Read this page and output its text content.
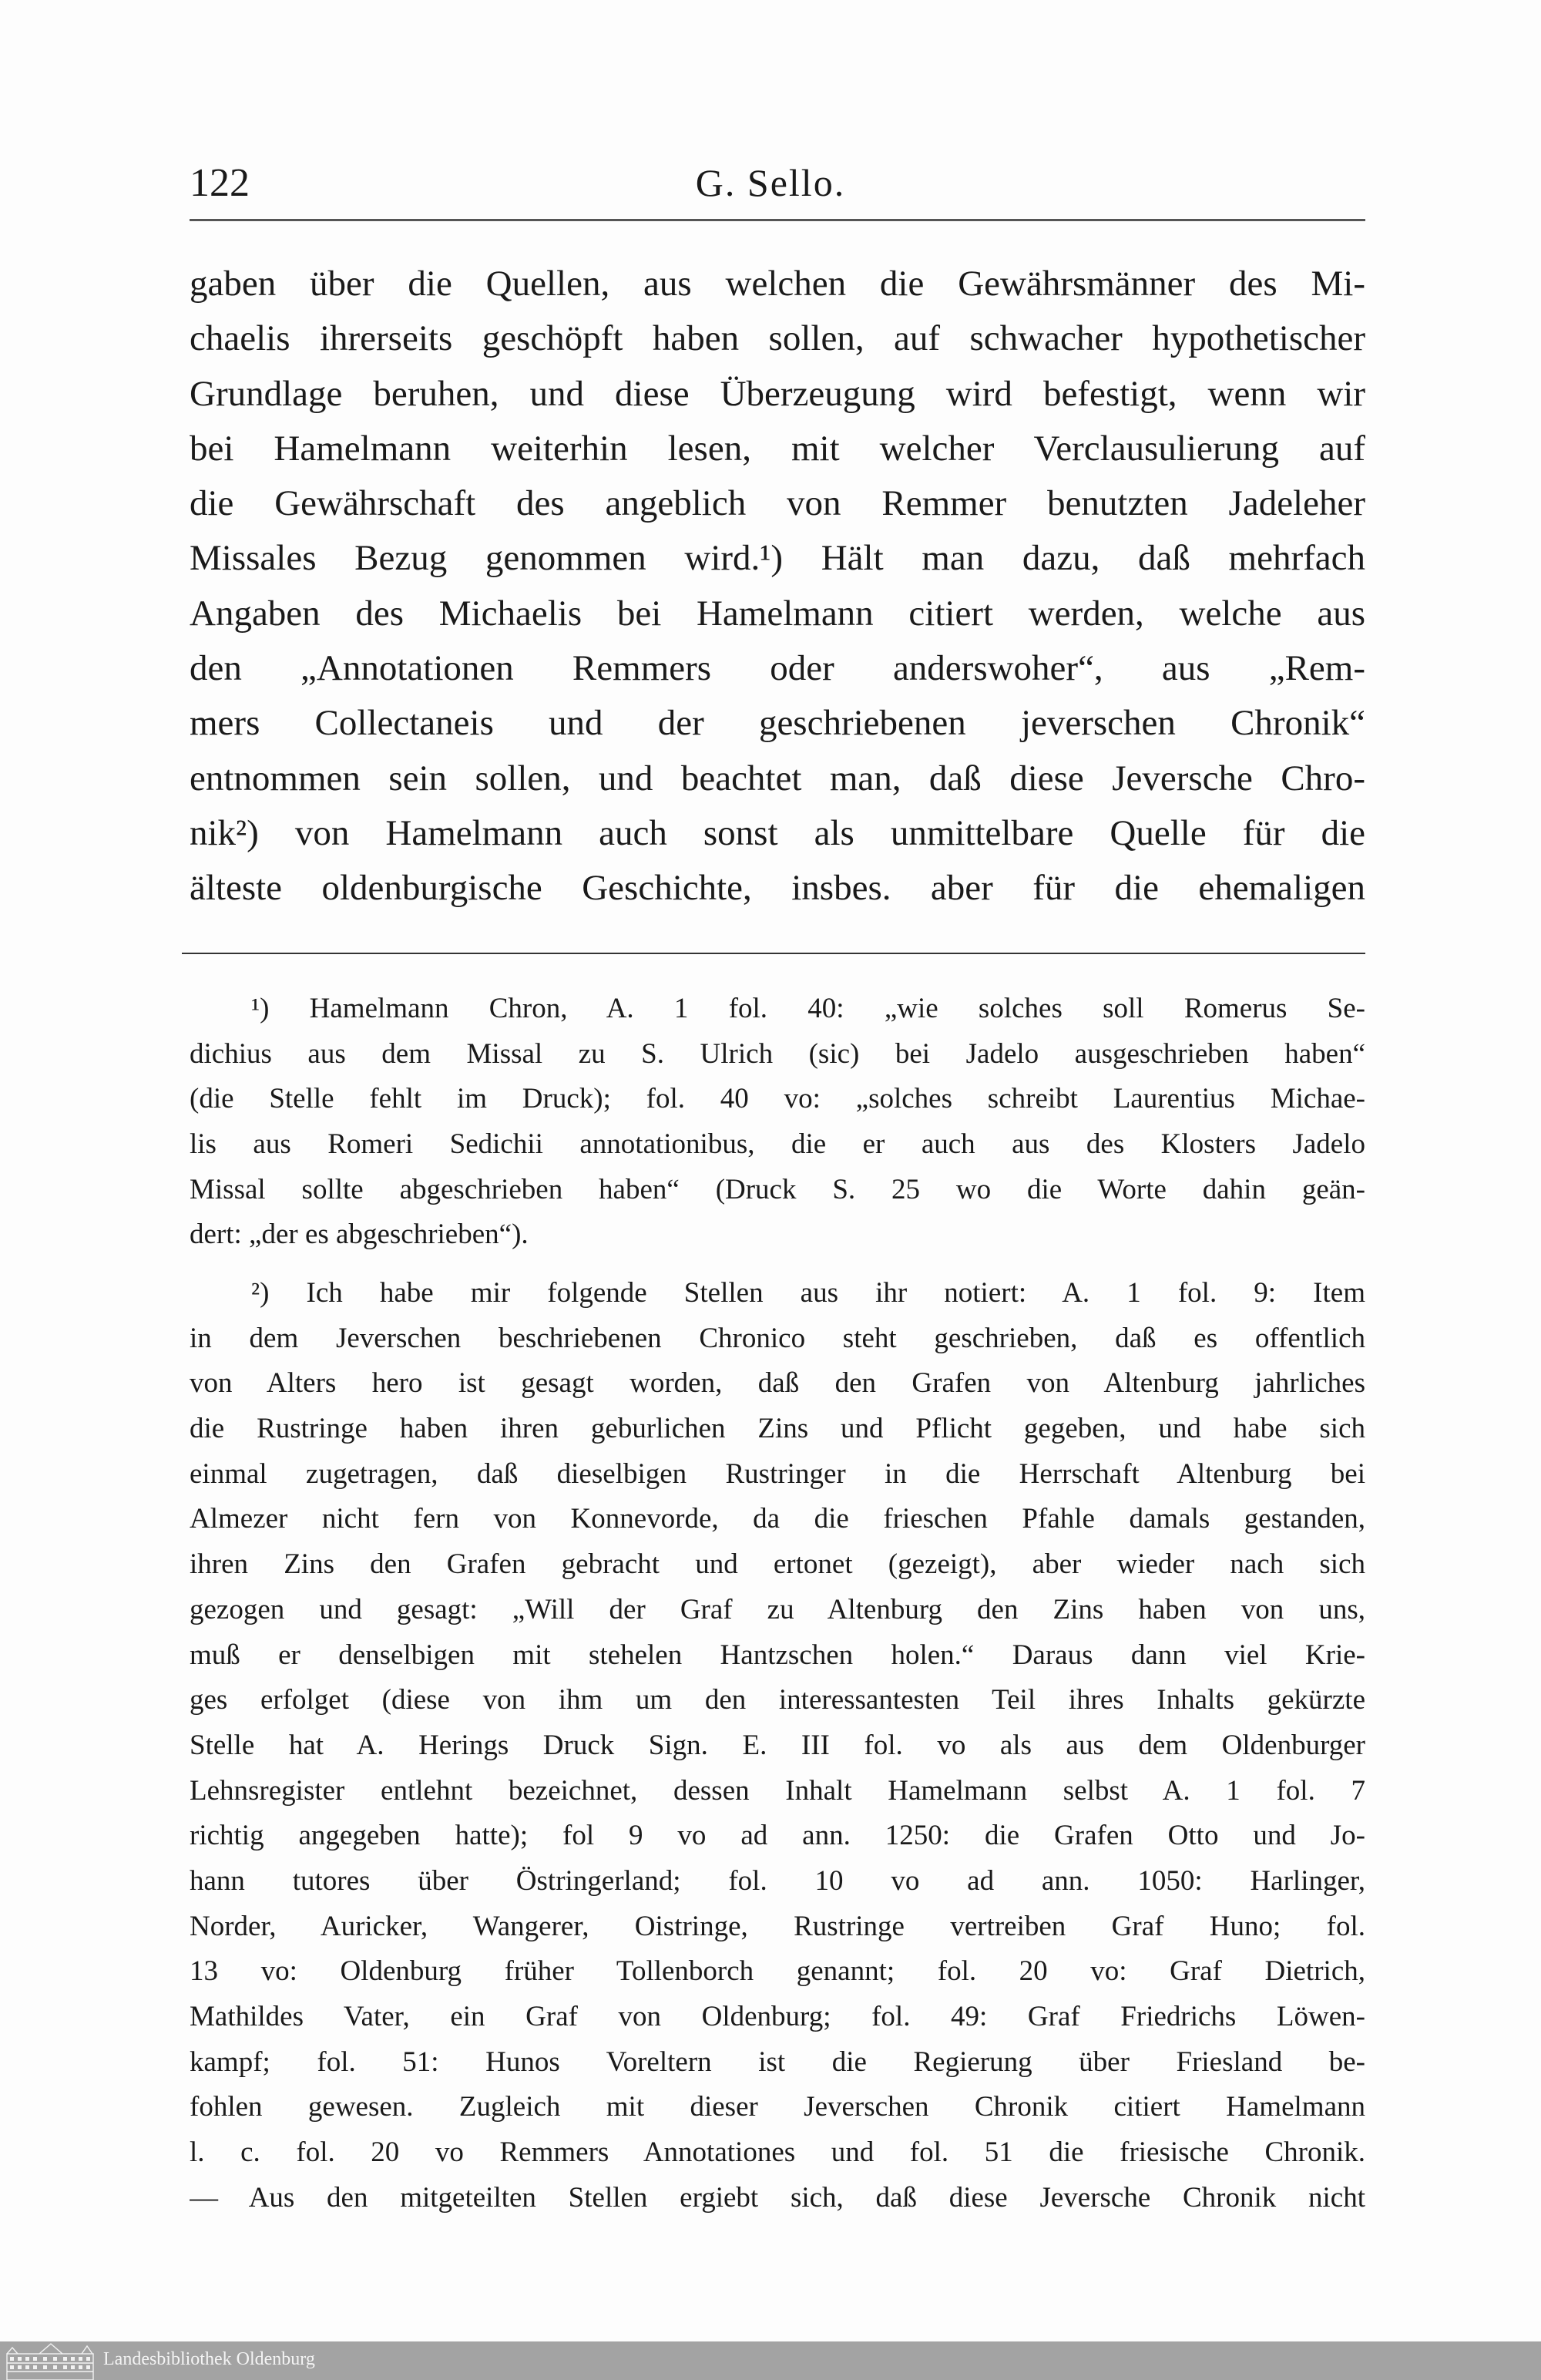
122	G. Sello.
gaben über die Quellen, aus welchen die Gewährsmänner des Mi-
chaelis ihrerseits geschöpft haben sollen, auf schwacher hypothetischer
Grundlage beruhen, und diese Überzeugung wird befestigt, wenn wir
bei Hamelmann weiterhin lesen, mit welcher Verclausulierung auf
die Gewährschaft des angeblich von Remmer benutzten Jadeleher
Missales Bezug genommen wird.¹) Hält man dazu, daß mehrfach
Angaben des Michaelis bei Hamelmann citiert werden, welche aus
den „Annotationen Remmers oder anderswoher“, aus „Rem-
mers Collectaneis und der geschriebenen jeverschen Chronik“
entnommen sein sollen, und beachtet man, daß diese Jeversche Chro-
nik²) von Hamelmann auch sonst als unmittelbare Quelle für die
älteste oldenburgische Geschichte, insbes. aber für die ehemaligen
¹) Hamelmann Chron, A. 1 fol. 40: „wie solches soll Romerus Se-
dichius aus dem Missal zu S. Ulrich (sic) bei Jadelo ausgeschrieben haben“
(die Stelle fehlt im Druck); fol. 40 vo: „solches schreibt Laurentius Michae-
lis aus Romeri Sedichii annotationibus, die er auch aus des Klosters Jadelo
Missal sollte abgeschrieben haben“ (Druck S. 25 wo die Worte dahin geän-
dert: „der es abgeschrieben“).
²) Ich habe mir folgende Stellen aus ihr notiert: A. 1 fol. 9: Item
in dem Jeverschen beschriebenen Chronico steht geschrieben, daß es offentlich
von Alters hero ist gesagt worden, daß den Grafen von Altenburg jahrliches
die Rustringe haben ihren geburlichen Zins und Pflicht gegeben, und habe sich
einmal zugetragen, daß dieselbigen Rustringer in die Herrschaft Altenburg bei
Almezer nicht fern von Konnevorde, da die frieschen Pfahle damals gestanden,
ihren Zins den Grafen gebracht und ertonet (gezeigt), aber wieder nach sich
gezogen und gesagt: „Will der Graf zu Altenburg den Zins haben von uns,
muß er denselbigen mit stehelen Hantzschen holen.“ Daraus dann viel Krie-
ges erfolget (diese von ihm um den interessantesten Teil ihres Inhalts gekürzte
Stelle hat A. Herings Druck Sign. E. III fol. vo als aus dem Oldenburger
Lehnsregister entlehnt bezeichnet, dessen Inhalt Hamelmann selbst A. 1 fol. 7
richtig angegeben hatte); fol 9 vo ad ann. 1250: die Grafen Otto und Jo-
hann tutores über Östringerland; fol. 10 vo ad ann. 1050: Harlinger,
Norder, Auricker, Wangerer, Oistringe, Rustringe vertreiben Graf Huno; fol.
13 vo: Oldenburg früher Tollenborch genannt; fol. 20 vo: Graf Dietrich,
Mathildes Vater, ein Graf von Oldenburg; fol. 49: Graf Friedrichs Löwen-
kampf; fol. 51: Hunos Voreltern ist die Regierung über Friesland be-
fohlen gewesen. Zugleich mit dieser Jeverschen Chronik citiert Hamelmann
l. c. fol. 20 vo Remmers Annotationes und fol. 51 die friesische Chronik.
— Aus den mitgeteilten Stellen ergiebt sich, daß diese Jeversche Chronik nicht
Landesbibliothek Oldenburg
